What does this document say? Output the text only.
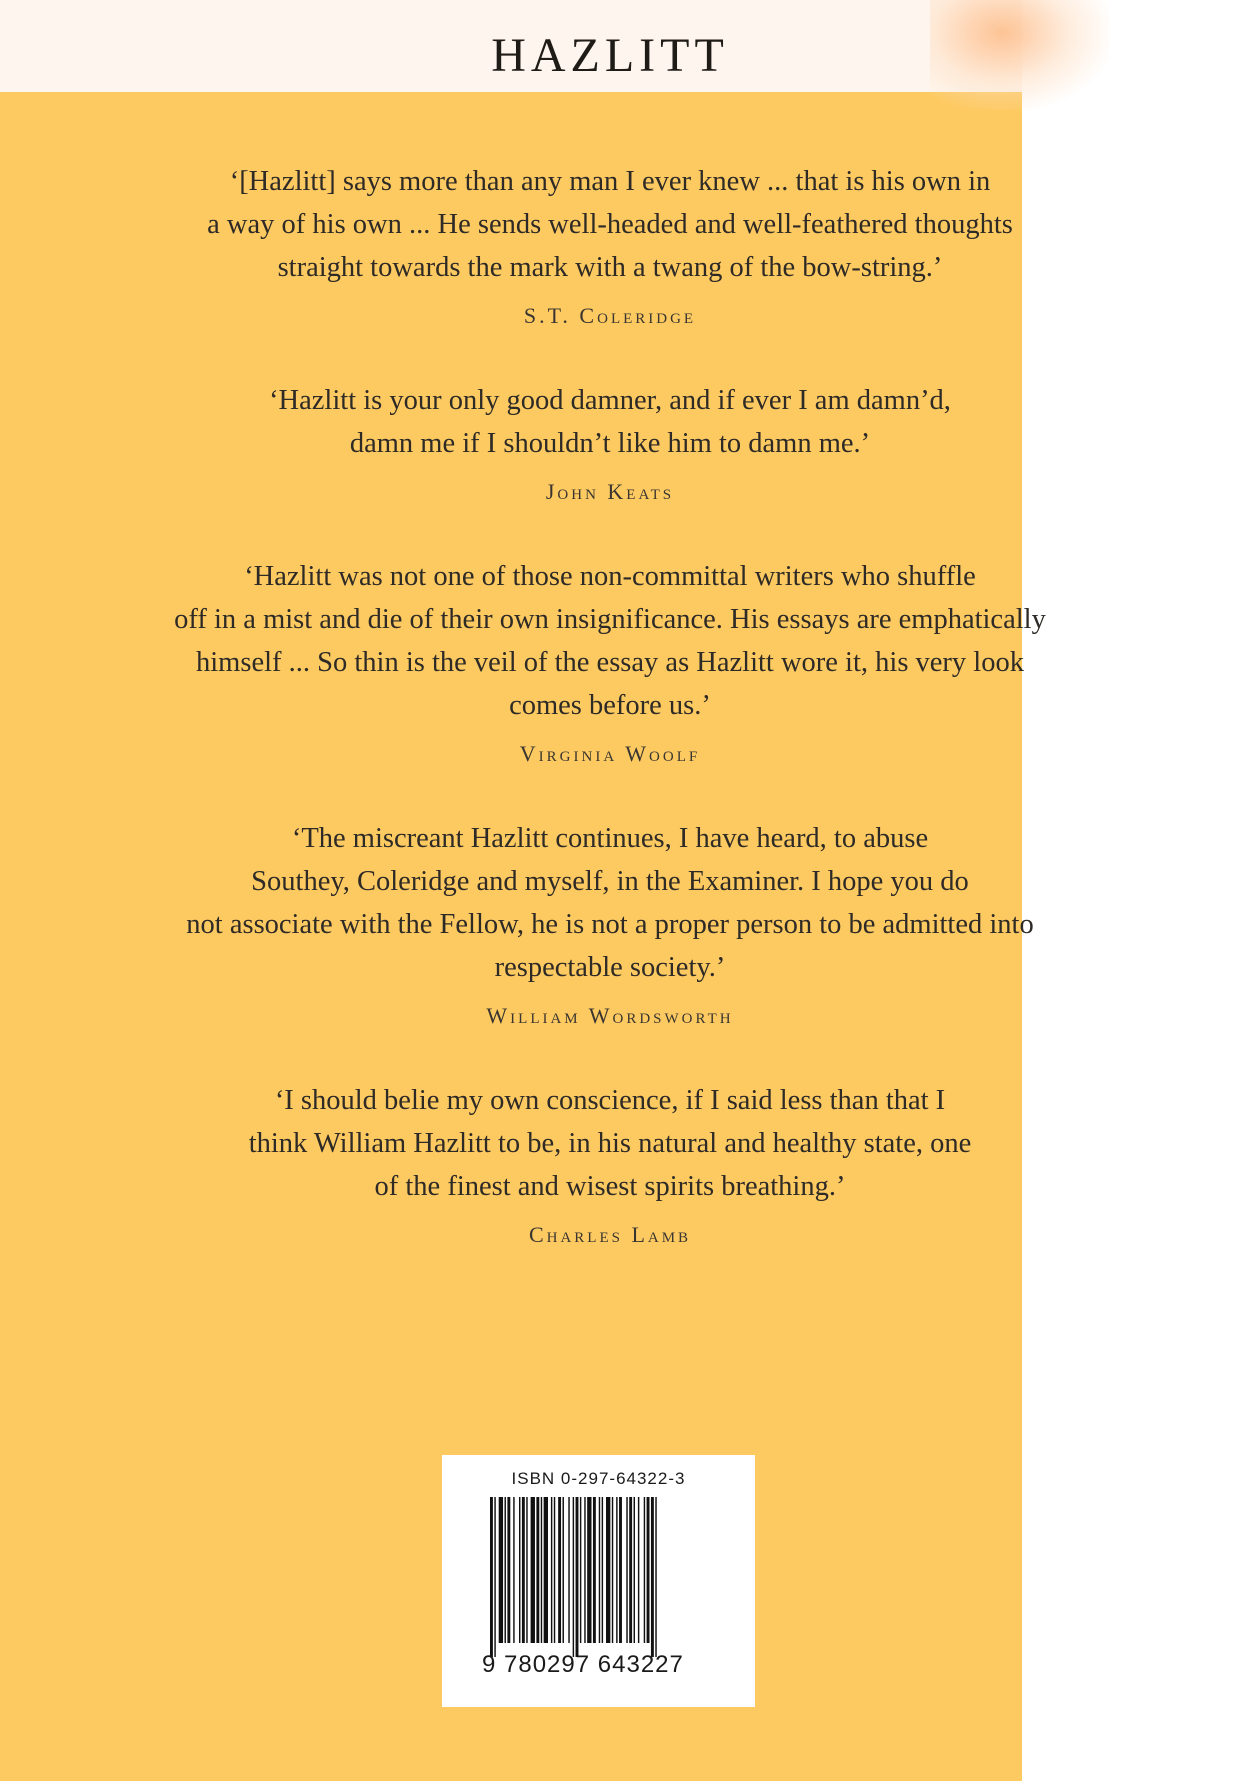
HAZLITT

‘[Hazlitt] says more than any man I ever knew ... that is his own in
a way of his own ... He sends well-headed and well-feathered thoughts
straight towards the mark with a twang of the bow-string.’

S.T. Coleridge

‘Hazlitt is your only good damner, and if ever I am damn’d,
damn me if I shouldn’t like him to damn me.’

John Keats

‘Hazlitt was not one of those non-committal writers who shuffle
off in a mist and die of their own insignificance. His essays are emphatically
himself ... So thin is the veil of the essay as Hazlitt wore it, his very look
comes before us.’

Virginia Woolf

‘The miscreant Hazlitt continues, I have heard, to abuse
Southey, Coleridge and myself, in the Examiner. I hope you do
not associate with the Fellow, he is not a proper person to be admitted into
respectable society.’

William Wordsworth

‘I should belie my own conscience, if I said less than that I
think William Hazlitt to be, in his natural and healthy state, one
of the finest and wisest spirits breathing.’

Charles Lamb
ISBN 0-297-64322-3
9 780297 643227
